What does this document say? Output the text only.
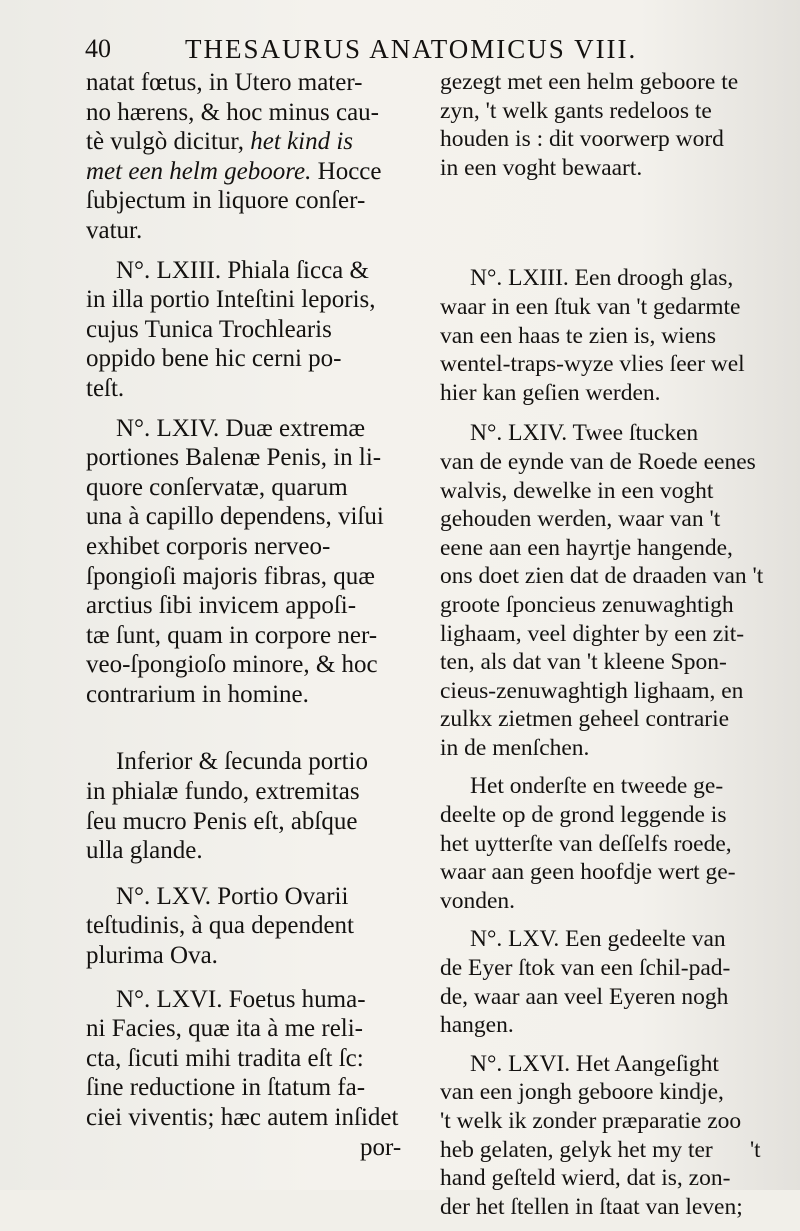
40	THESAURUS ANATOMICUS VIII.
natat fœtus, in Utero mater-
no hærens, & hoc minus cau-
tè vulgò dicitur, het kind is
met een helm geboore. Hocce
ſubjectum in liquore conſer-
vatur.
N°. LXIII. Phiala ſicca &
in illa portio Inteſtini leporis,
cujus Tunica Trochlearis
oppido bene hic cerni po-
teſt.
N°. LXIV. Duæ extremæ
portiones Balenæ Penis, in li-
quore conſervatæ, quarum
una à capillo dependens, viſui
exhibet corporis nerveo-
ſpongioſi majoris fibras, quæ
arctius ſibi invicem appoſi-
tæ ſunt, quam in corpore ner-
veo-ſpongioſo minore, & hoc
contrarium in homine.
Inferior & ſecunda portio
in phialæ fundo, extremitas
ſeu mucro Penis eſt, abſque
ulla glande.
N°. LXV. Portio Ovarii
teſtudinis, à qua dependent
plurima Ova.
N°. LXVI. Foetus huma-
ni Facies, quæ ita à me reli-
cta, ſicuti mihi tradita eſt ſc:
ſine reductione in ſtatum fa-
ciei viventis; hæc autem inſidet
por-
gezegt met een helm geboore te
zyn, 't welk gants redeloos te
houden is : dit voorwerp word
in een voght bewaart.
N°. LXIII. Een droogh glas,
waar in een ſtuk van 't gedarmte
van een haas te zien is, wiens
wentel-traps-wyze vlies ſeer wel
hier kan geſien werden.
N°. LXIV. Twee ſtucken
van de eynde van de Roede eenes
walvis, dewelke in een voght
gehouden werden, waar van 't
eene aan een hayrtje hangende,
ons doet zien dat de draaden van 't
groote ſponcieus zenuwaghtigh
lighaam, veel dighter by een zit-
ten, als dat van 't kleene Spon-
cieus-zenuwaghtigh lighaam, en
zulkx zietmen geheel contrarie
in de menſchen.
Het onderſte en tweede ge-
deelte op de grond leggende is
het uytterſte van deſſelfs roede,
waar aan geen hoofdje wert ge-
vonden.
N°. LXV. Een gedeelte van
de Eyer ſtok van een ſchil-pad-
de, waar aan veel Eyeren nogh
hangen.
N°. LXVI. Het Aangeſight
van een jongh geboore kindje,
't welk ik zonder præparatie zoo
heb gelaten, gelyk het my ter
hand geſteld wierd, dat is, zon-
der het ſtellen in ſtaat van leven;
't
